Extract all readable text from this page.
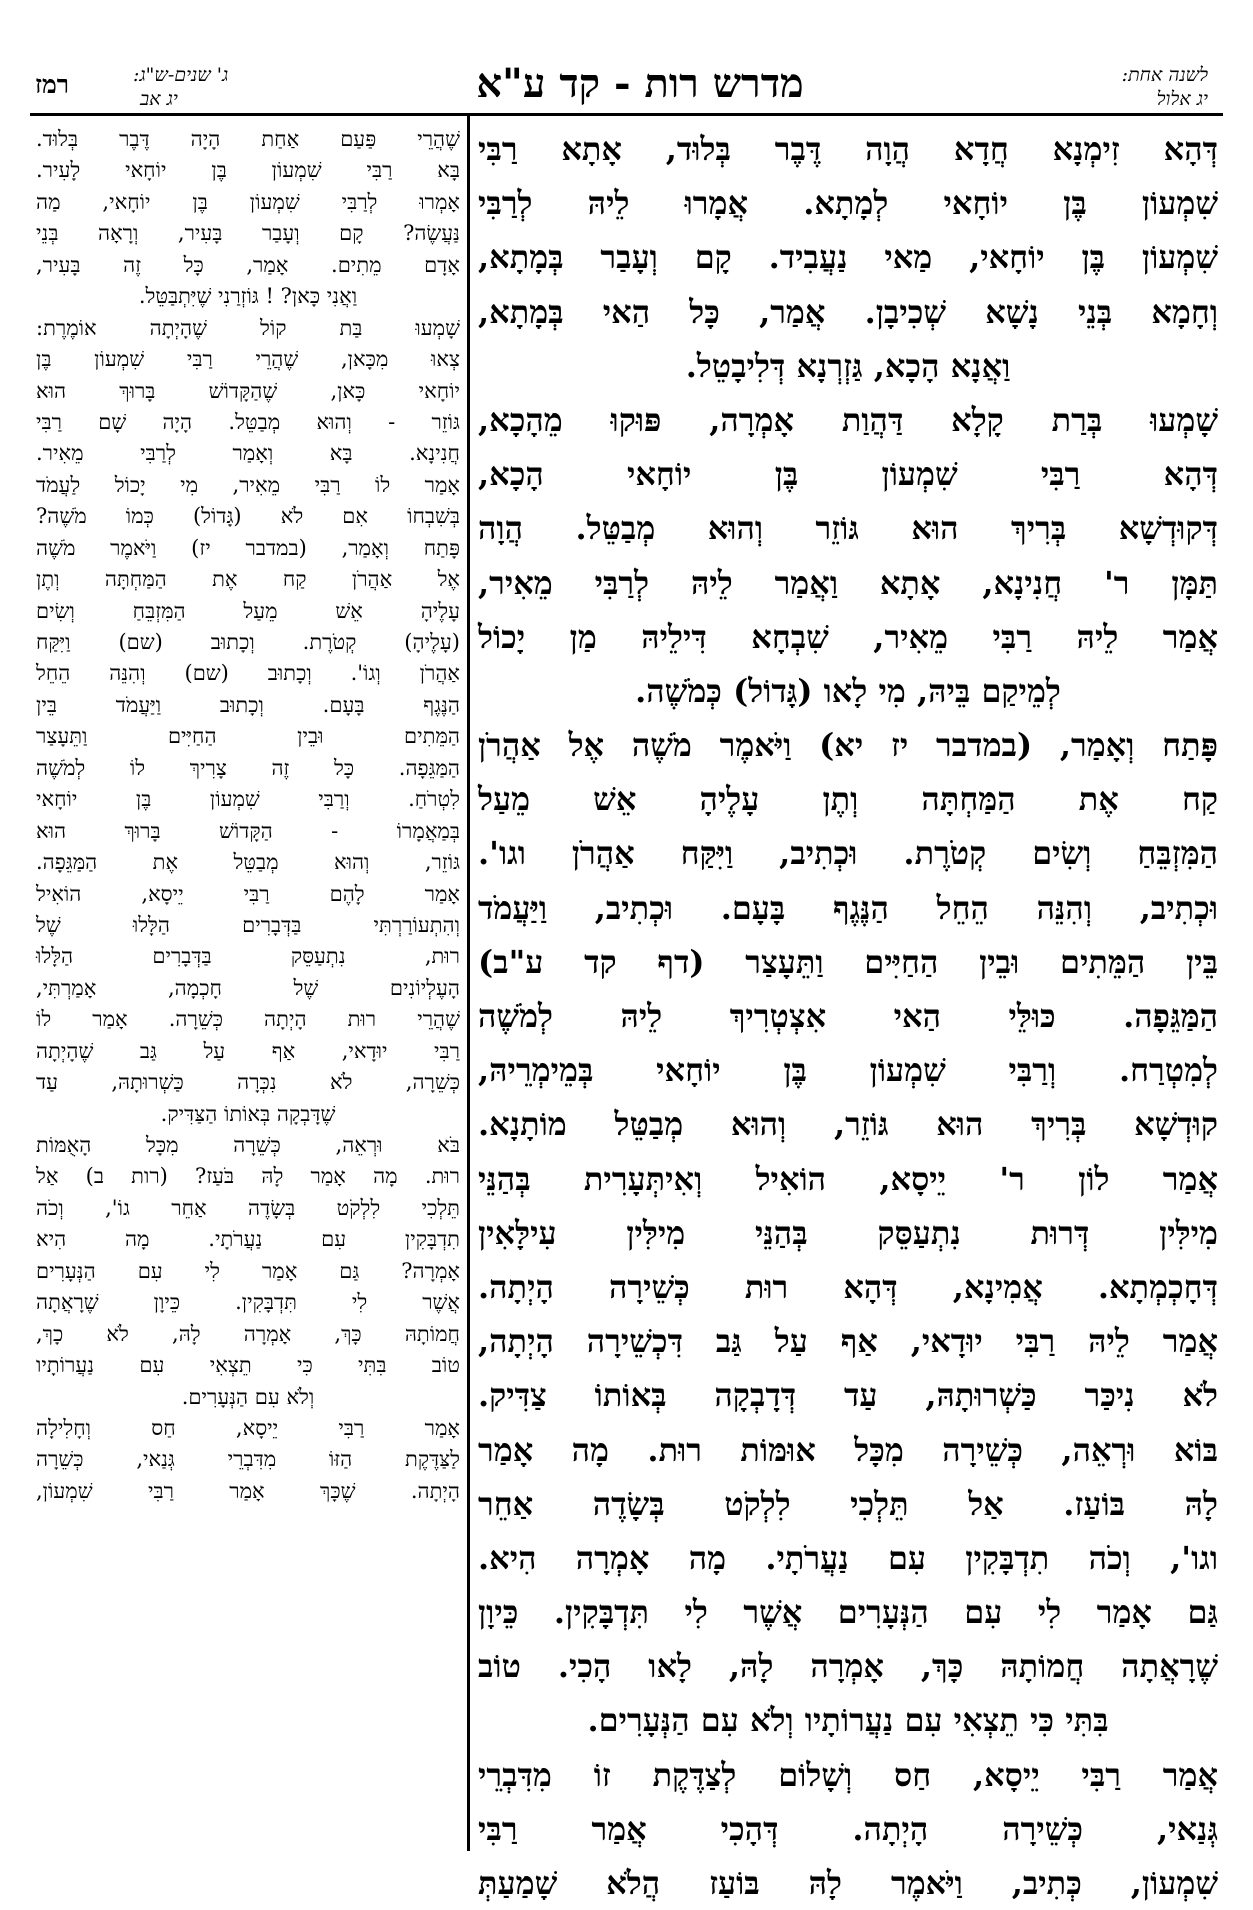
מדרש רות - קד ע"א	לשנה אחת:
יג אלול
ג' שנים-ש"ג:
יג אב
רמז
דְּהָא זִימְנָא חֲדָא הֲוָה דֶּבֶר בְּלוּד, אָתָא רַבִּי
שִׁמְעוֹן בֶּן יוֹחָאי לְמָתָא. אֲמָרוּ לֵיהּ לְרַבִּי
שִׁמְעוֹן בֶּן יוֹחָאי, מַאי נַעֲבִיד. קָם וְעָבַר בְּמָתָא,
וְחָמָא בְּנֵי נָשָׁא שְׁכִיבָן. אֲמַר, כָּל הַאי בְּמָתָא,
וַאֲנָא הָכָא, גַּזְרְנָא דְּלִיבָטֵל.
שָׁמְעוּ בְּרַת קָלָא דַּהֲוַת אָמְרָה, פּוּקוּ מֵהָכָא,
דְּהָא רַבִּי שִׁמְעוֹן בֶּן יוֹחָאי הָכָא,
דְּקוּדְשָׁא בְּרִיךְ הוּא גּוֹזֵר וְהוּא מְבַטֵּל. הֲוָה
תַּמָּן ר' חֲנִינָא, אָתָא וַאֲמַר לֵיהּ לְרַבִּי מֵאִיר,
אֲמַר לֵיהּ רַבִּי מֵאִיר, שִׁבְחָא דִּילֵיהּ מַן יָכוֹל
לְמֵיקַם בֵּיהּ, מִי לָאו (גָּדוֹל) כְּמֹשֶׁה.
פָּתַח וְאָמַר, (במדבר יז יא) וַיֹּאמֶר מֹשֶׁה אֶל אַהֲרֹן
קַח אֶת הַמַּחְתָּה וְתֶן עָלֶיהָ אֵשׁ מֵעַל
הַמִּזְבֵּחַ וְשִׂים קְטֹרֶת. וּכְתִיב, וַיִּקַּח אַהֲרֹן וגו'.
וּכְתִיב, וְהִנֵּה הֵחֵל הַנֶּגֶף בָּעָם. וּכְתִיב, וַיַּעֲמֹד
בֵּין הַמֵּתִים וּבֵין הַחַיִּים וַתֵּעָצַר (דף קד ע"ב)
הַמַּגֵּפָה. כּוּלֵּי הַאי אִצְטְרִיךְ לֵיהּ לְמֹשֶׁה
לְמִטְרַח. וְרַבִּי שִׁמְעוֹן בֶּן יוֹחָאי בְּמֵימְרֵיהּ,
קוּדְשָׁא בְּרִיךְ הוּא גּוֹזֵר, וְהוּא מְבַטֵּל מוֹתָנָא.
אֲמַר לוֹן ר' יֵיסָא, הוֹאִיל וְאִיתְּעָרִית בְּהַנֵּי
מִילִּין דְּרוּת נִתְעַסֵּק בְּהַנֵּי מִילִּין עִילָּאִין
דְּחָכְמְתָא. אֲמִינָא, דְּהָא רוּת כְּשֵׁירָה הָיְתָה.
אֲמַר לֵיהּ רַבִּי יוּדָאי, אַף עַל גַּב דִּכְשֵׁירָה הָיְתָה,
לֹא נִיכַּר כַּשְׁרוּתָהּ, עַד דְּדָבְקָה בְּאוֹתוֹ צַדִּיק.
בּוֹא וּרְאֵה, כְּשֵׁירָה מִכָּל אוּמּוֹת רוּת. מָה אָמַר
לָהּ בּוֹעַז. אַל תֵּלְכִי לִלְקֹט בְּשָׂדֶה אַחֵר
וגו', וְכֹה תִדְבָּקִין עִם נַעֲרֹתָי. מָה אָמְרָה הִיא.
גַּם אָמַר לִי עִם הַנְּעָרִים אֲשֶׁר לִי תִּדְבָּקִין. כֵּיוָן
שֶׁרָאֲתָה חֲמוֹתָהּ כָּךְ, אָמְרָה לָהּ, לָאו הָכִי. טוֹב
בִּתִּי כִּי תֵצְאִי עִם נַעֲרוֹתָיו וְלֹא עִם הַנְּעָרִים.
אֲמַר רַבִּי יֵיסָא, חַס וְשָׁלוֹם לְצַדֶּקֶת זוֹ מִדִּבְרֵי
גְּנַאי, כְּשֵׁירָה הָיְתָה. דְּהָכִי אֲמַר רַבִּי
שִׁמְעוֹן, כְּתִיב, וַיֹּאמֶר לָהּ בּוֹעַז הֲלֹא שָׁמַעַתְּ
שֶׁהֲרֵי פַּעַם אַחַת הָיָה דֶּבֶר בְּלוּד.
בָּא רַבִּי שִׁמְעוֹן בֶּן יוֹחָאי לָעִיר.
אָמְרוּ לְרַבִּי שִׁמְעוֹן בֶּן יוֹחָאי, מַה
נַּעֲשֶׂה? קָם וְעָבַר בָּעִיר, וְרָאָה בְּנֵי
אָדָם מֵתִים. אָמַר, כָּל זֶה בָּעִיר,
וַאֲנִי כָּאן? ! גּוֹזְרַנִי שֶׁיִּתְבַּטֵּל.
שָׁמְעוּ בַּת קוֹל שֶׁהָיְתָה אוֹמֶרֶת:
צְאוּ מִכָּאן, שֶׁהֲרֵי רַבִּי שִׁמְעוֹן בֶּן
יוֹחָאי כָּאן, שֶׁהַקָּדוֹשׁ בָּרוּךְ הוּא
גּוֹזֵר - וְהוּא מְבַטֵּל. הָיָה שָׁם רַבִּי
חֲנִינָא. בָּא וְאָמַר לְרַבִּי מֵאִיר.
אָמַר לוֹ רַבִּי מֵאִיר, מִי יָכוֹל לַעֲמֹד
בְּשִׁבְחוֹ אִם לֹא (גָּדוֹל) כְּמוֹ מֹשֶׁה?
פָּתַח וְאָמַר, (במדבר יז) וַיֹּאמֶר מֹשֶׁה
אֶל אַהֲרֹן קַח אֶת הַמַּחְתָּה וְתֶן
עָלֶיהָ אֵשׁ מֵעַל הַמִּזְבֵּחַ וְשִׂים
(עָלֶיהָ) קְטֹרֶת. וְכָתוּב (שם) וַיִּקַּח
אַהֲרֹן וְגוֹ'. וְכָתוּב (שם) וְהִנֵּה הֵחֵל
הַנֶּגֶף בָּעָם. וְכָתוּב וַיַּעֲמֹד בֵּין
הַמֵּתִים וּבֵין הַחַיִּים וַתֵּעָצַר
הַמַּגֵּפָה. כָּל זֶה צָרִיךְ לוֹ לְמֹשֶׁה
לִטְרֹחַ. וְרַבִּי שִׁמְעוֹן בֶּן יוֹחָאי
בְּמַאֲמָרוֹ - הַקָּדוֹשׁ בָּרוּךְ הוּא
גּוֹזֵר, וְהוּא מְבַטֵּל אֶת הַמַּגֵּפָה.
אָמַר לָהֶם רַבִּי יֵיסָא, הוֹאִיל
וְהִתְעוֹרַרְתִּי בַּדְּבָרִים הַלָּלוּ שֶׁל
רוּת, נִתְעַסֵּק בַּדְּבָרִים הַלָּלוּ
הָעֶלְיוֹנִים שֶׁל חָכְמָה, אָמַרְתִּי,
שֶׁהֲרֵי רוּת הָיְתָה כְּשֵׁרָה. אָמַר לוֹ
רַבִּי יוּדָאי, אַף עַל גַּב שֶׁהָיְתָה
כְּשֵׁרָה, לֹא נִכְּרָה כַּשְׁרוּתָהּ, עַד
שֶׁדָּבְקָה בְּאוֹתוֹ הַצַּדִּיק.
בֹּא וּרְאֵה, כְּשֵׁרָה מִכָּל הָאֻמּוֹת
רוּת. מָה אָמַר לָהּ בֹּעַז? (רות ב) אַל
תֵּלְכִי לִלְקֹט בְּשָׂדֶה אַחֵר גוֹ', וְכֹה
תִדְבָּקִין עִם נַעֲרֹתָי. מָה הִיא
אָמְרָה? גַּם אָמַר לִי עִם הַנְּעָרִים
אֲשֶׁר לִי תִּדְבָּקִין. כֵּיוָן שֶׁרָאֲתָה
חֲמוֹתָהּ כָּךְ, אָמְרָה לָהּ, לֹא כָךְ,
טוֹב בִּתִּי כִּי תֵצְאִי עִם נַעֲרוֹתָיו
וְלֹא עִם הַנְּעָרִים.
אָמַר רַבִּי יֵיסָא, חַס וְחָלִילָה
לַצַּדֶּקֶת הַזּוֹ מִדִּבְרֵי גְּנַאי, כְּשֵׁרָה
הָיְתָה. שֶׁכָּךְ אָמַר רַבִּי שִׁמְעוֹן,
